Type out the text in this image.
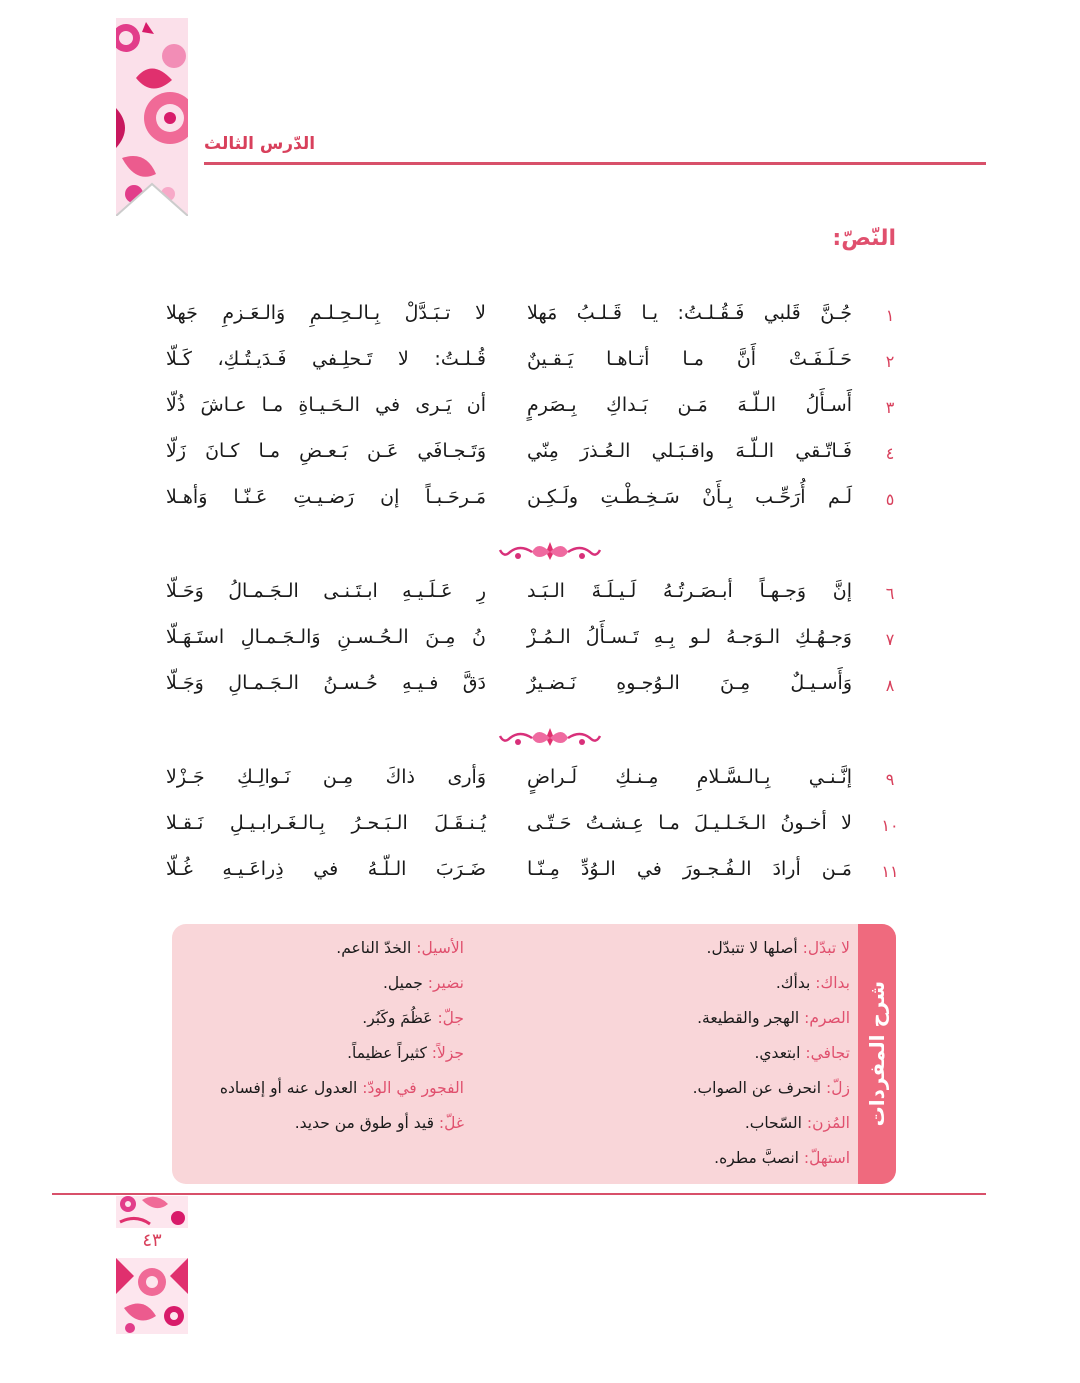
الدّرس الثالث
النّصّ:
١
جُـنَّ قَلبي فَـقُـلـتُ: يـا قَـلـبُ مَهلا
لا تـبَـدَّلْ بِـالـحِـلـمِ وَالـعَـزمِ جَهلا
٢
حَـلَـفَـتْ أَنَّ مـا أتـاهـا يَـقـينٌ
قُـلـتُ: لا تَـحلِـفي فَـدَيـتُـكِ، كَـلّا
٣
أَسـأَلُ الـلّـهَ مَـن بَـداكِ بِـصَرمٍ
أن يَـرى في الـحَـيـاةِ مـا عـاشَ ذُلّا
٤
فَـاتّـقي الـلّـهَ واقـبَـلي الـعُـذرَ مِنّي
وَتَـجـافَي عَـن بَـعـضِ مـا كـانَ زَلّا
٥
لَـم أُرَحِّـب بِـأَنْ سَـخِـطْـتِ ولَـكِـن
مَـرحَـبـاً إن رَضـيـتِ عَـنّـا وَأهـلا
٦
إنَّ وَجـهـاً أبـصَـرتُـهُ لَـيـلَـةَ الـبَـد
رِ عَـلَـيـهِ ابـتَـنـى الـجَـمـالُ وَحَـلّا
٧
وَجـهُـكِ الـوَجـهُ لـو بِـهِ تَـسـأَلُ الـمُـزْ
نُ مِـنَ الـحُـسـنِ وَالـجَـمـالِ استَـهَـلّا
٨
وَأَسـيـلٌ مِـنَ الـوُجـوهِ نَـضـيرٌ
دَقَّ فـيـهِ حُـسـنُ الـجَـمـالِ وَجَـلّا
٩
إنَّـنـي بِـالـسَّـلامِ مِـنـكِ لَـراضٍ
وَأرى ذاكَ مِـن نَـوالِـكِ جَـزْلا
١٠
لا أخـونُ الـخَـلـيـلَ مـا عِـشـتُ حَـتّـى
يُـنـقَـلَ الـبَـحـرُ بِـالـغَـرابـيـلِ نَـقـلا
١١
مَـن أرادَ الـفُـجـورَ في الـوُدِّ مِـنّـا
ضَـرَبَ الـلّـهُ في ذِراعَـيـهِ غُـلّا
شرح المفردات
لا تبدّل: أصلها لا تتبدّل.
بداك: بدأك.
الصرم: الهجر والقطيعة.
تجافي: ابتعدي.
زلّ: انحرف عن الصواب.
المُزن: السّحاب.
استهلّ: انصبَّ مطره.
الأسيل: الخدّ الناعم.
نضير: جميل.
جلّ: عَظُمَ وكَبُر.
جزلاً: كثيراً عظيماً.
الفجور في الودّ: العدول عنه أو إفساده
غلّ: قيد أو طوق من حديد.
٤٣
